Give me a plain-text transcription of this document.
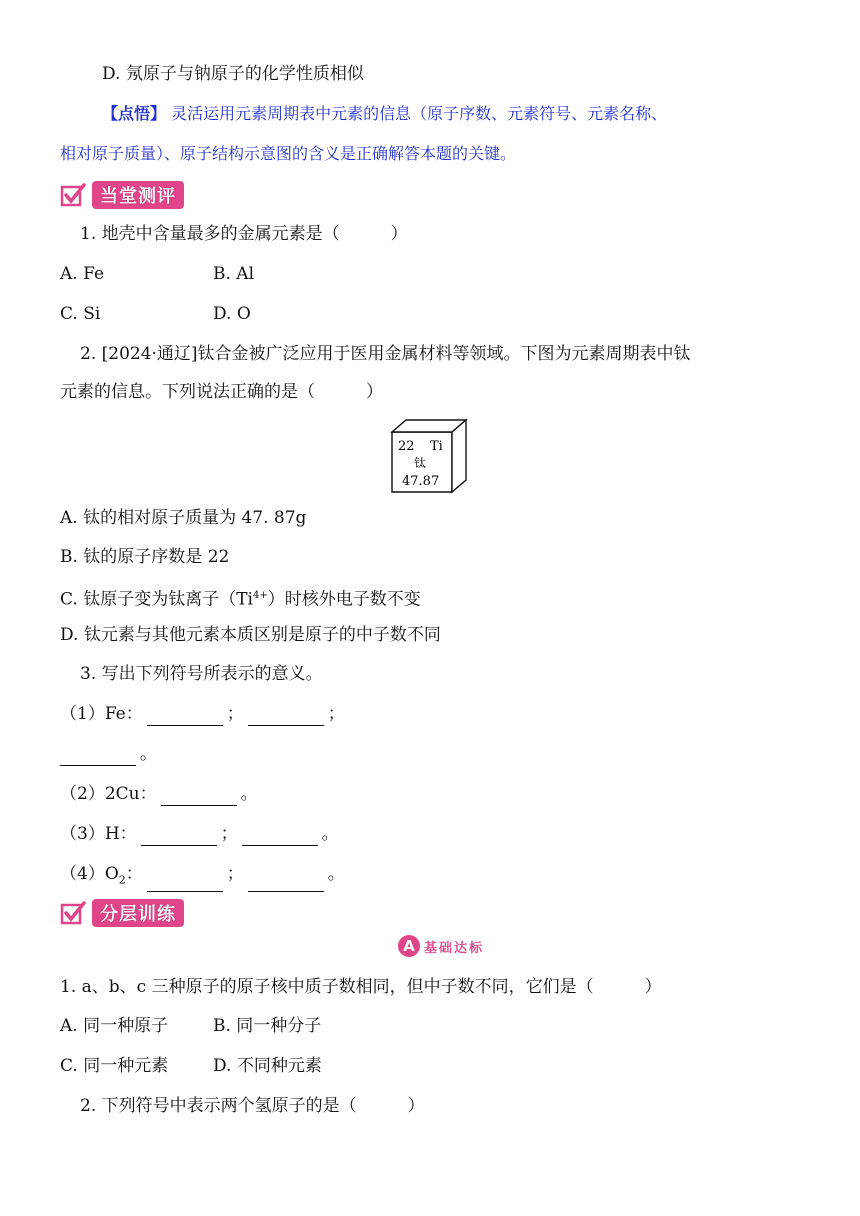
D. 氖原子与钠原子的化学性质相似
【点悟】 灵活运用元素周期表中元素的信息（原子序数、元素符号、元素名称、
相对原子质量）、原子结构示意图的含义是正确解答本题的关键。
当堂测评
1. 地壳中含量最多的金属元素是（　　　）
A. Fe	B. Al
C. Si	D. O
2. [2024·通辽]钛合金被广泛应用于医用金属材料等领域。下图为元素周期表中钛
元素的信息。下列说法正确的是（　　　）
22 Ti
钛
47.87
A. 钛的相对原子质量为 47. 87g
B. 钛的原子序数是 22
C. 钛原子变为钛离子$(Ti^{4+})$时核外电子数不变
D. 钛元素与其他元素本质区别是原子的中子数不同
3. 写出下列符号所表示的意义。
（1）Fe：	；	；
。
（2）2Cu：	。
（3）H：	；	。
$(4)O_2$：	；	。
分层训练
A 基础达标
1. a、b、c 三种原子的原子核中质子数相同，但中子数不同，它们是（　　　）
A. 同一种原子	B. 同一种分子
C. 同一种元素	D. 不同种元素
2. 下列符号中表示两个氢原子的是（　　　）
